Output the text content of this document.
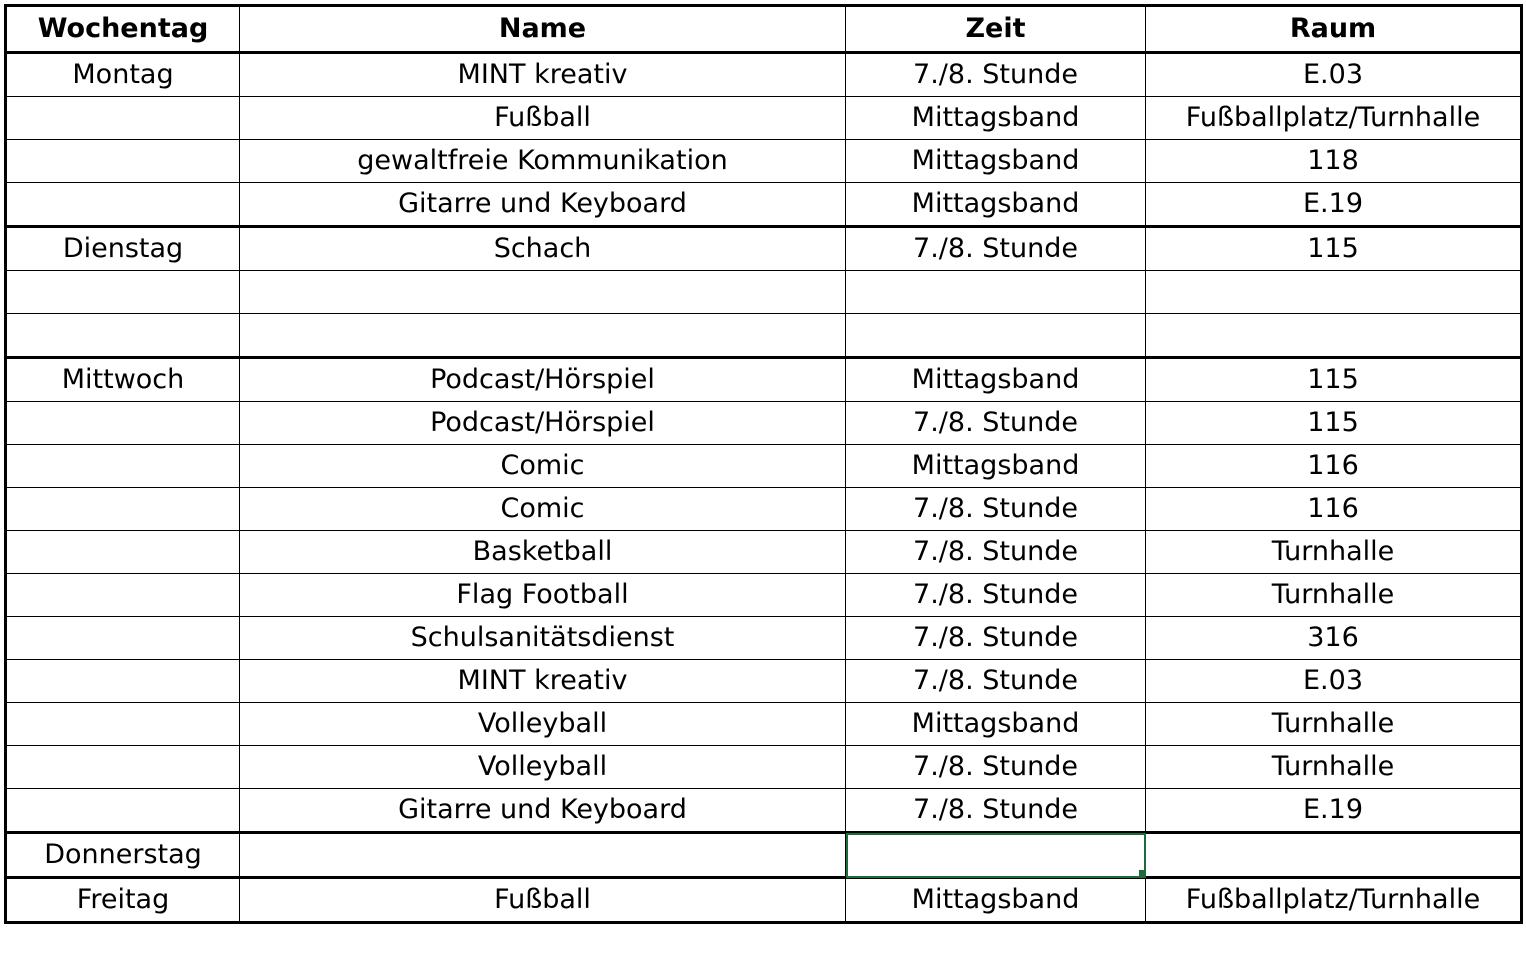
Wochentag	Name	Zeit	Raum
Montag	MINT kreativ	7./8. Stunde	E.03
	Fußball	Mittagsband	Fußballplatz/Turnhalle
	gewaltfreie Kommunikation	Mittagsband	118
	Gitarre und Keyboard	Mittagsband	E.19
Dienstag	Schach	7./8. Stunde	115

Mittwoch	Podcast/Hörspiel	Mittagsband	115
	Podcast/Hörspiel	7./8. Stunde	115
	Comic	Mittagsband	116
	Comic	7./8. Stunde	116
	Basketball	7./8. Stunde	Turnhalle
	Flag Football	7./8. Stunde	Turnhalle
	Schulsanitätsdienst	7./8. Stunde	316
	MINT kreativ	7./8. Stunde	E.03
	Volleyball	Mittagsband	Turnhalle
	Volleyball	7./8. Stunde	Turnhalle
	Gitarre und Keyboard	7./8. Stunde	E.19
Donnerstag		

Freitag	Fußball	Mittagsband	Fußballplatz/Turnhalle
